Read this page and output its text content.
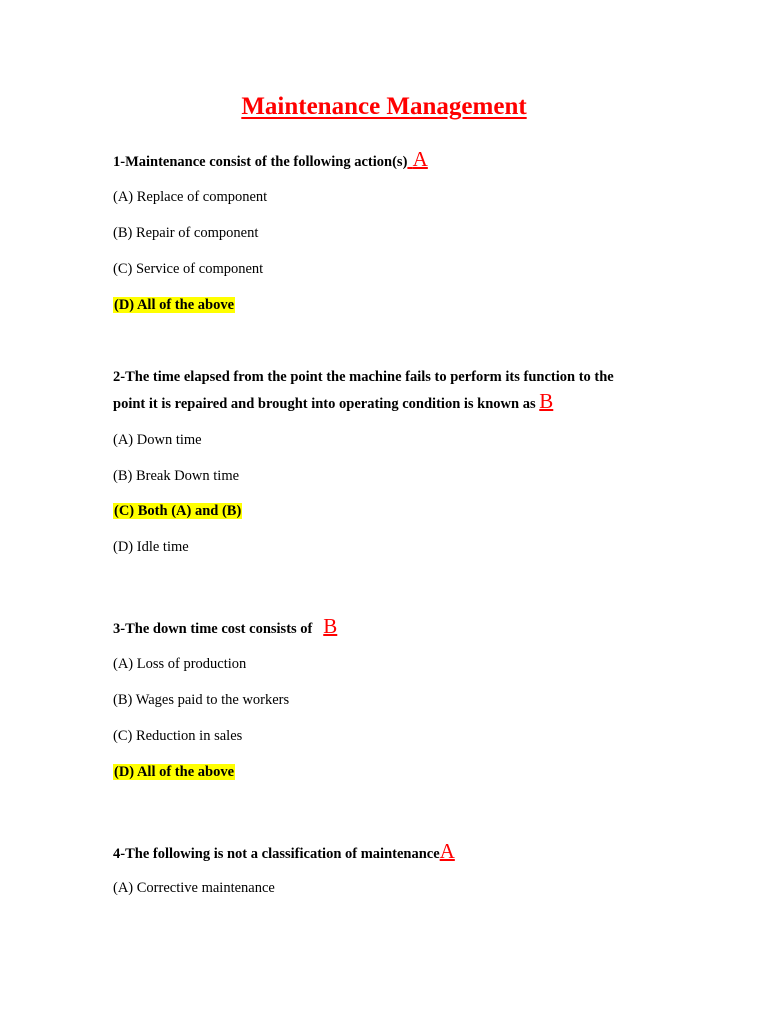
Maintenance Management
1-Maintenance consist of the following action(s) A
(A) Replace of component
(B) Repair of component
(C) Service of component
(D) All of the above
2-The time elapsed from the point the machine fails to perform its function to the
point it is repaired and brought into operating condition is known as B
(A) Down time
(B) Break Down time
(C) Both (A) and (B)
(D) Idle time
3-The down time cost consists of B
(A) Loss of production
(B) Wages paid to the workers
(C) Reduction in sales
(D) All of the above
4-The following is not a classification of maintenanceA
(A) Corrective maintenance
